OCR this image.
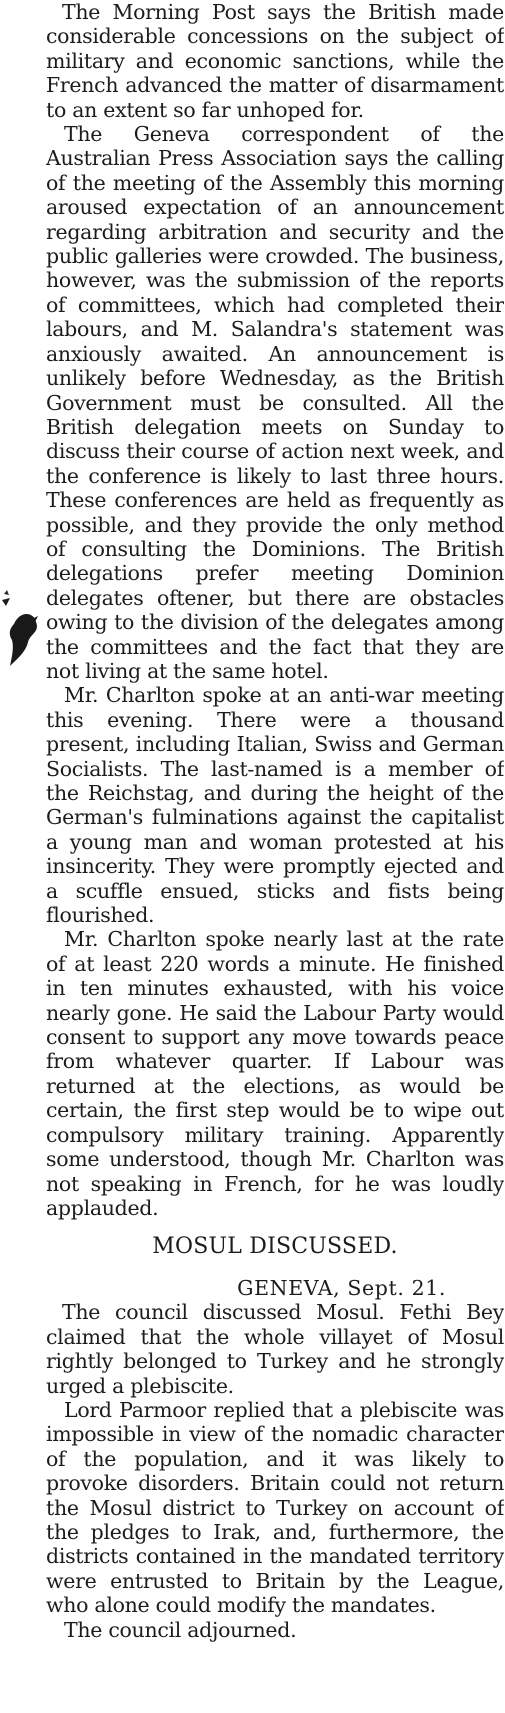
The Morning Post says the British made considerable concessions on the subject of military and economic sanctions, while the French advanced the matter of disarmament to an extent so far unhoped for.

The Geneva correspondent of the Australian Press Association says the calling of the meeting of the Assembly this morning aroused expectation of an announcement regarding arbitration and security and the public galleries were crowded. The business, however, was the submission of the reports of committees, which had completed their labours, and M. Salandra's statement was anxiously awaited. An announcement is unlikely before Wednesday, as the British Government must be consulted. All the British delegation meets on Sunday to discuss their course of action next week, and the conference is likely to last three hours. These conferences are held as frequently as possible, and they provide the only method of consulting the Dominions. The British delegations prefer meeting Dominion delegates oftener, but there are obstacles owing to the division of the delegates among the committees and the fact that they are not living at the same hotel.

Mr. Charlton spoke at an anti-war meeting this evening. There were a thousand present, including Italian, Swiss and German Socialists. The last-named is a member of the Reichstag, and during the height of the German's fulminations against the capitalist a young man and woman protested at his insincerity. They were promptly ejected and a scuffle ensued, sticks and fists being flourished.

Mr. Charlton spoke nearly last at the rate of at least 220 words a minute. He finished in ten minutes exhausted, with his voice nearly gone. He said the Labour Party would consent to support any move towards peace from whatever quarter. If Labour was returned at the elections, as would be certain, the first step would be to wipe out compulsory military training. Apparently some understood, though Mr. Charlton was not speaking in French, for he was loudly applauded.

MOSUL DISCUSSED.
GENEVA, Sept. 21.

The council discussed Mosul. Fethi Bey claimed that the whole villayet of Mosul rightly belonged to Turkey and he strongly urged a plebiscite.

Lord Parmoor replied that a plebiscite was impossible in view of the nomadic character of the population, and it was likely to provoke disorders. Britain could not return the Mosul district to Turkey on account of the pledges to Irak, and, furthermore, the districts contained in the mandated territory were entrusted to Britain by the League, who alone could modify the mandates.

The council adjourned.
